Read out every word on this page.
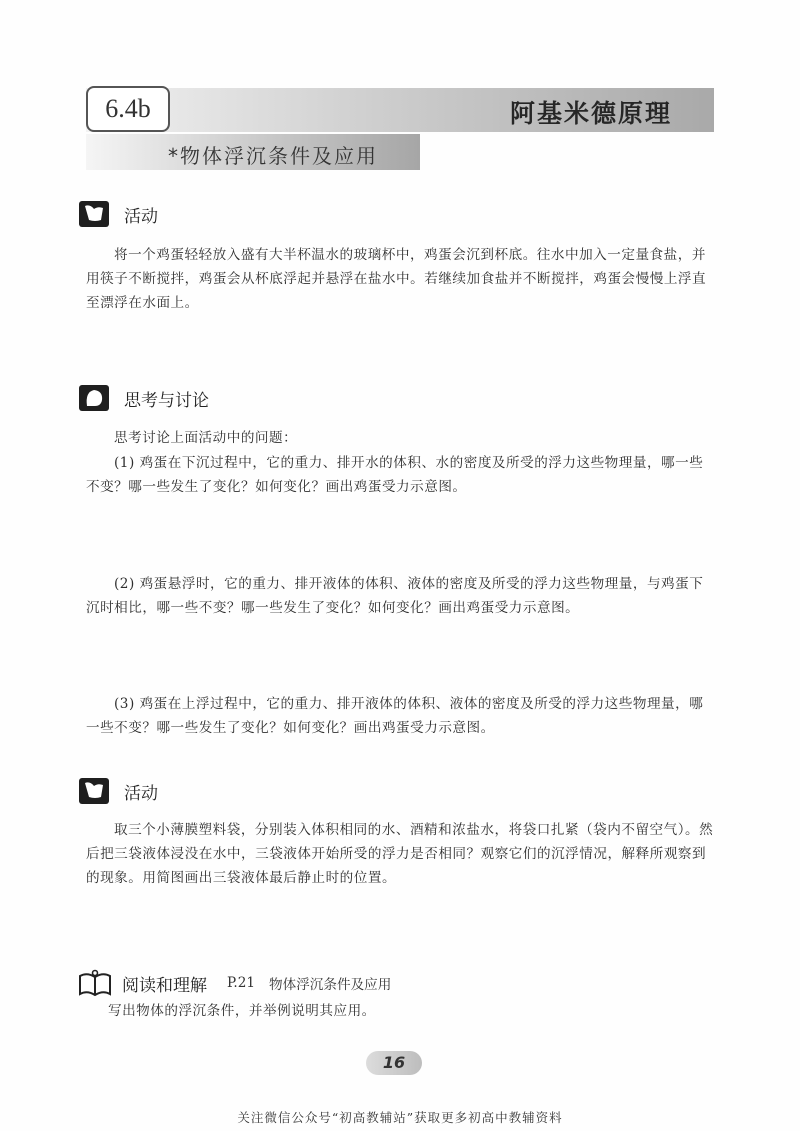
6.4b	阿基米德原理
*物体浮沉条件及应用
活动

将一个鸡蛋轻轻放入盛有大半杯温水的玻璃杯中，鸡蛋会沉到杯底。往水中加入一定量食盐，并用筷子不断搅拌，鸡蛋会从杯底浮起并悬浮在盐水中。若继续加食盐并不断搅拌，鸡蛋会慢慢上浮直至漂浮在水面上。

思考与讨论

思考讨论上面活动中的问题：

(1) 鸡蛋在下沉过程中，它的重力、排开水的体积、水的密度及所受的浮力这些物理量，哪一些不变？哪一些发生了变化？如何变化？画出鸡蛋受力示意图。

(2) 鸡蛋悬浮时，它的重力、排开液体的体积、液体的密度及所受的浮力这些物理量，与鸡蛋下沉时相比，哪一些不变？哪一些发生了变化？如何变化？画出鸡蛋受力示意图。

(3) 鸡蛋在上浮过程中，它的重力、排开液体的体积、液体的密度及所受的浮力这些物理量，哪一些不变？哪一些发生了变化？如何变化？画出鸡蛋受力示意图。

活动

取三个小薄膜塑料袋，分别装入体积相同的水、酒精和浓盐水，将袋口扎紧（袋内不留空气）。然后把三袋液体浸没在水中，三袋液体开始所受的浮力是否相同？观察它们的沉浮情况，解释所观察到的现象。用简图画出三袋液体最后静止时的位置。

阅读和理解 P.21 物体浮沉条件及应用

写出物体的浮沉条件，并举例说明其应用。

16
关注微信公众号“初高教辅站”获取更多初高中教辅资料
